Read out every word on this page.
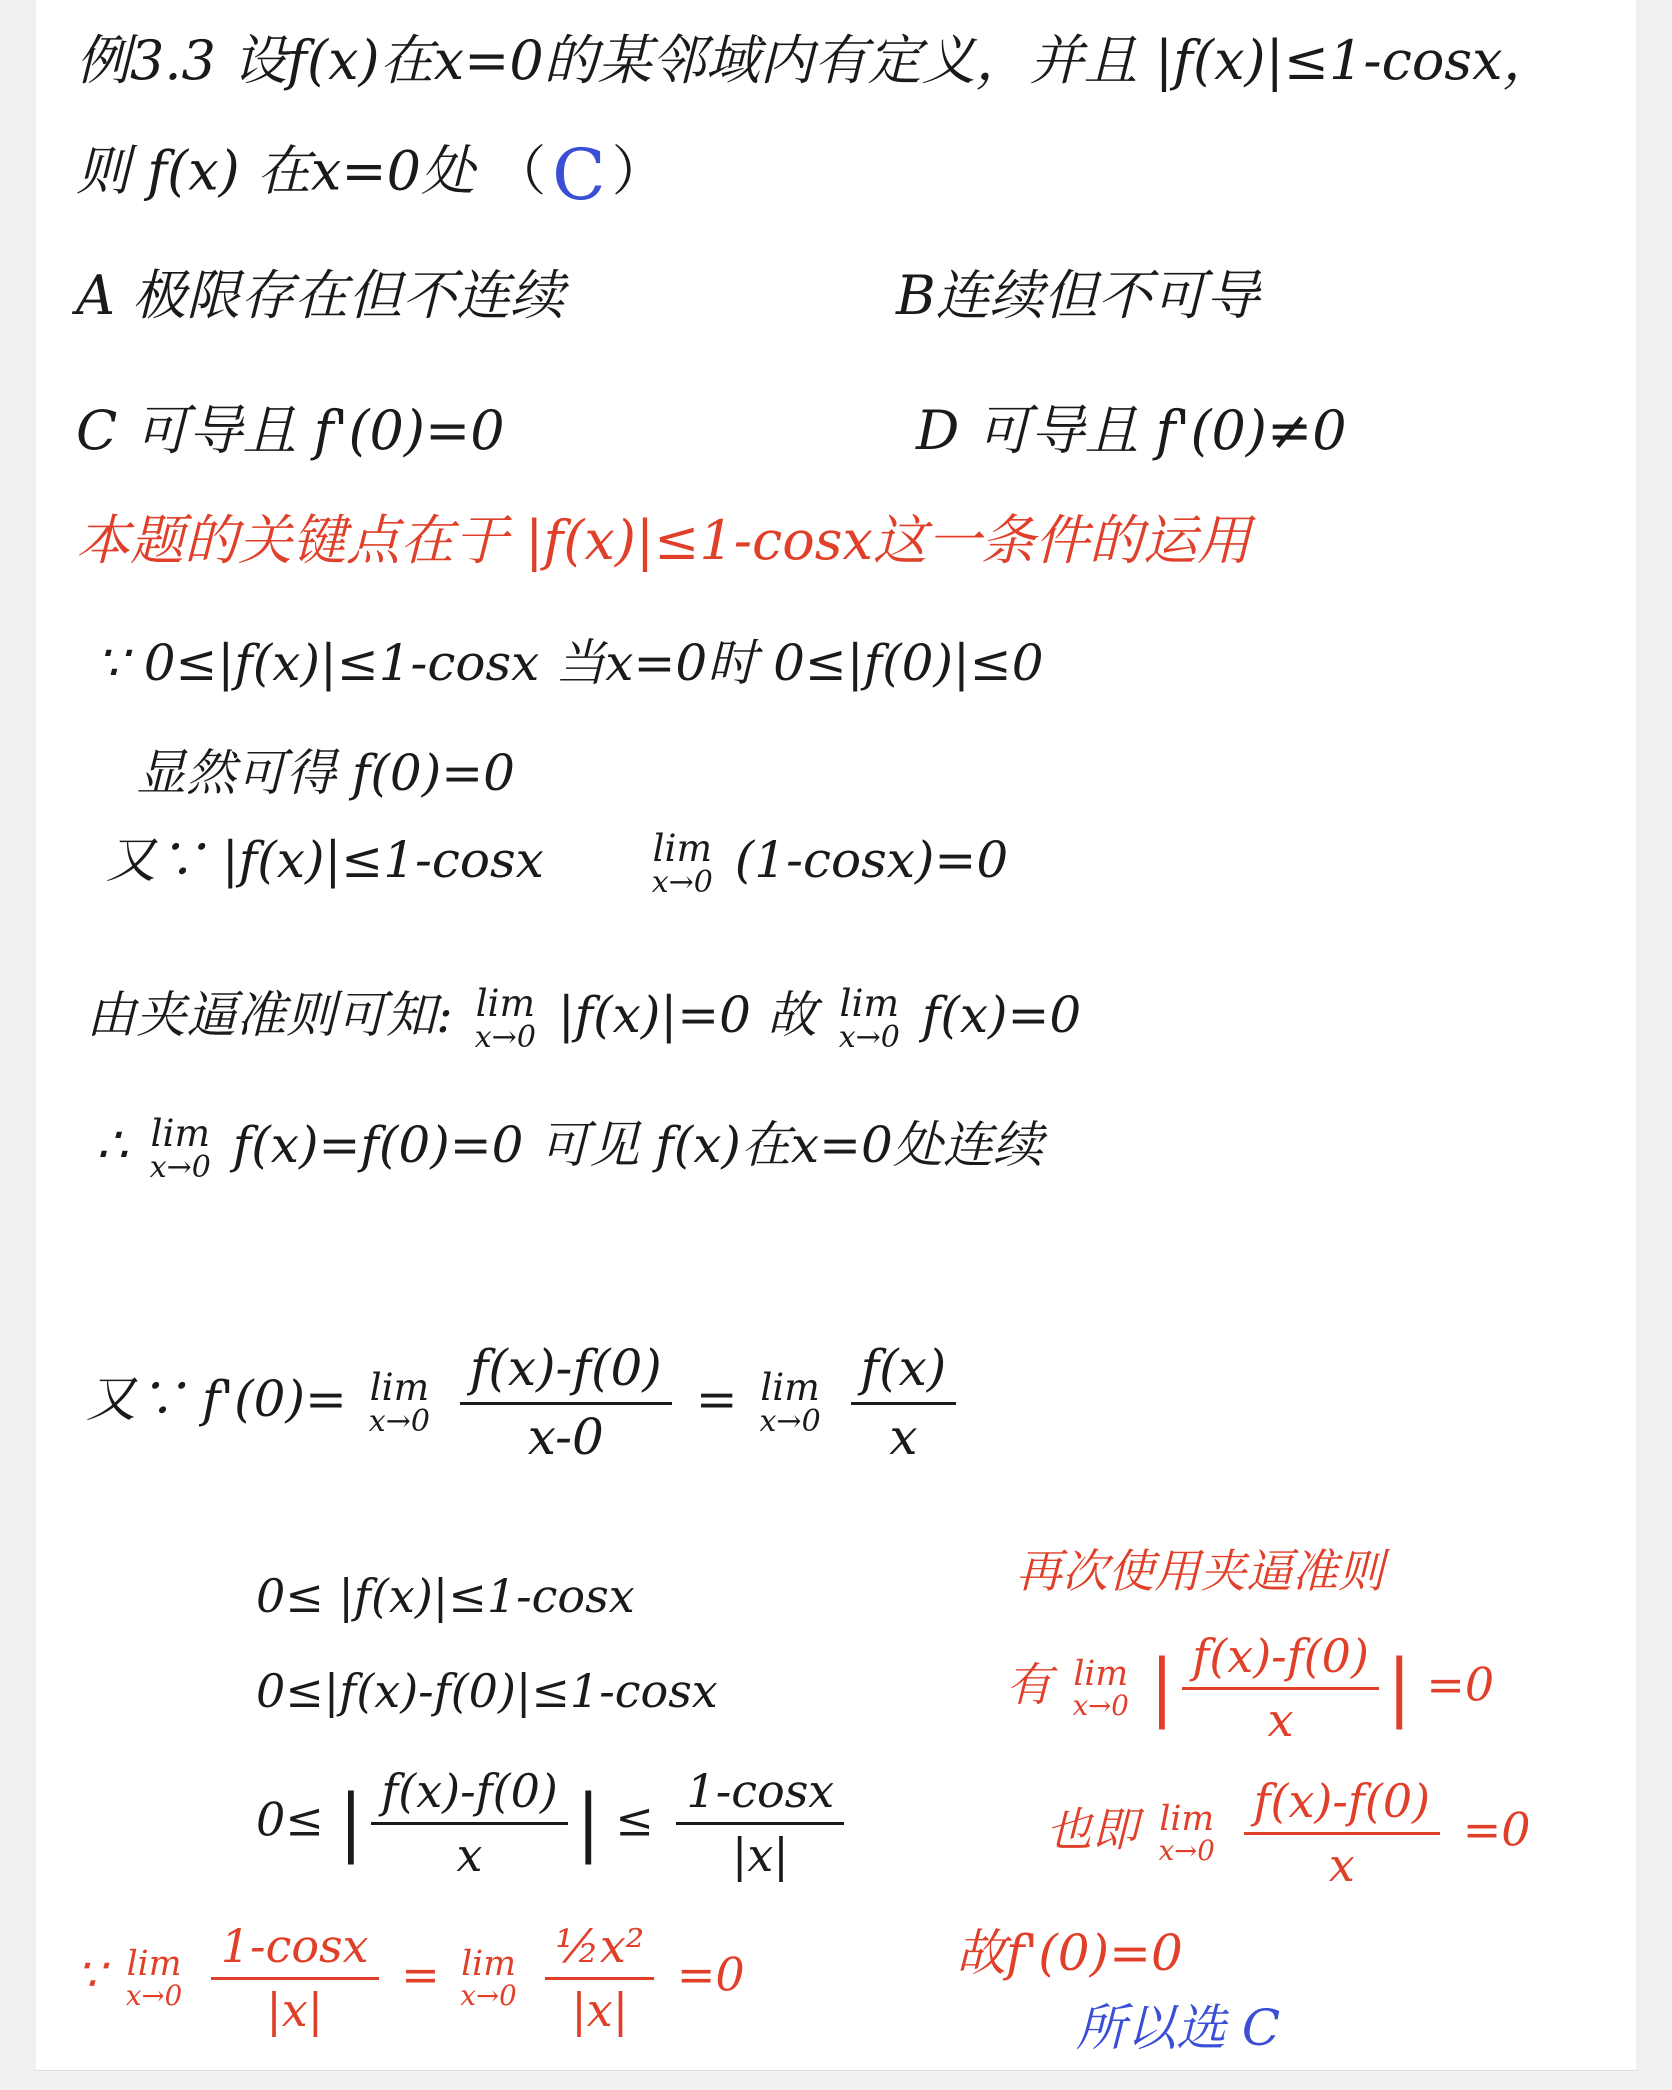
例3.3 设f(x)在x=0的某邻域内有定义，并且 |f(x)|≤1-cosx，
则 f(x) 在x=0处 （C ）
A 极限存在但不连续	B连续但不可导
C 可导且 f'(0)=0	D 可导且 f'(0)≠0
本题的关键点在于 |f(x)|≤1-cosx这一条件的运用
∵ 0≤|f(x)|≤1-cosx 当x=0时 0≤|f(0)|≤0
显然可得 f(0)=0
又∵ |f(x)|≤1-cosx	lim
x→0 (1-cosx)=0
由夹逼准则可知: lim
x→0 |f(x)|=0 故 lim
x→0 f(x)=0
∴ lim
x→0 f(x)=f(0)=0 可见 f(x)在x=0处连续
又∵ f'(0)= lim
x→0
$\frac{f(x)-f(0)}{x-0} = \lim$
x→0
$\frac{f(x)}{x}$
0≤ |f(x)|≤1-cosx
0≤|f(x)-f(0)|≤1-cosx
0≤ | $\frac{f(x)-f(0)}{x}$ | ≤ $\frac{1-\cos x}{|x|}$
再次使用夹逼准则
有 lim
x→0 | $\frac{f(x)-f(0)}{x}$ | =0
也即 lim
x→0
$\frac{f(x)-f(0)}{x} =0$
∵ lim
x→0
$\frac{1-\cos x}{|x|} = \lim$
x→0
$\frac{\text{½x²}}{|x|} =0$	故f'(0)=0
所以选 C
